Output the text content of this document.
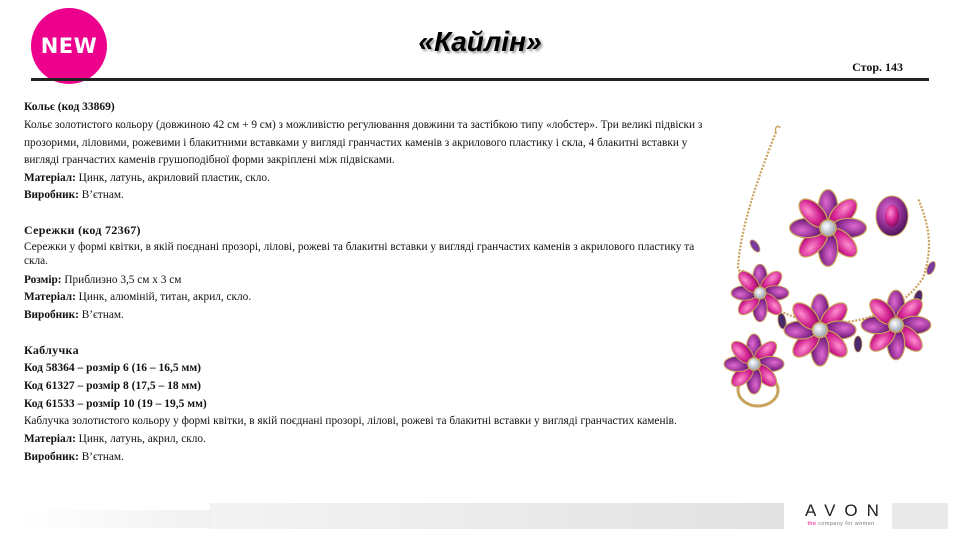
NEW	«Кайлін»
Стор. 143

Кольє (код 33869)

Кольє золотистого кольору (довжиною 42 см + 9 см) з можливістю регулювання довжини та застібкою типу «лобстер». Три великі підвіски з прозорими, ліловими, рожевими і блакитними вставками у вигляді гранчастих каменів з акрилового пластику і скла, 4 блакитні вставки у вигляді гранчастих каменів грушоподібної форми закріплені між підвісками.

Матеріал: Цинк, латунь, акриловий пластик, скло.

Виробник: В’єтнам.

Сережки (код 72367)

Сережки у формі квітки, в якій поєднані прозорі, лілові, рожеві та блакитні вставки у вигляді гранчастих каменів з акрилового пластику та скла.

Розмір: Приблизно 3,5 см x 3 см

Матеріал: Цинк, алюміній, титан, акрил, скло.

Виробник: В’єтнам.

Каблучка

Код 58364 – розмір 6 (16 – 16,5 мм)

Код 61327 – розмір 8 (17,5 – 18 мм)

Код 61533 – розмір 10 (19 – 19,5 мм)

Каблучка золотистого кольору у формі квітки, в якій поєднані прозорі, лілові, рожеві та блакитні вставки у вигляді гранчастих каменів.

Матеріал: Цинк, латунь, акрил, скло.

Виробник: В’єтнам.

AVON
the company for women
